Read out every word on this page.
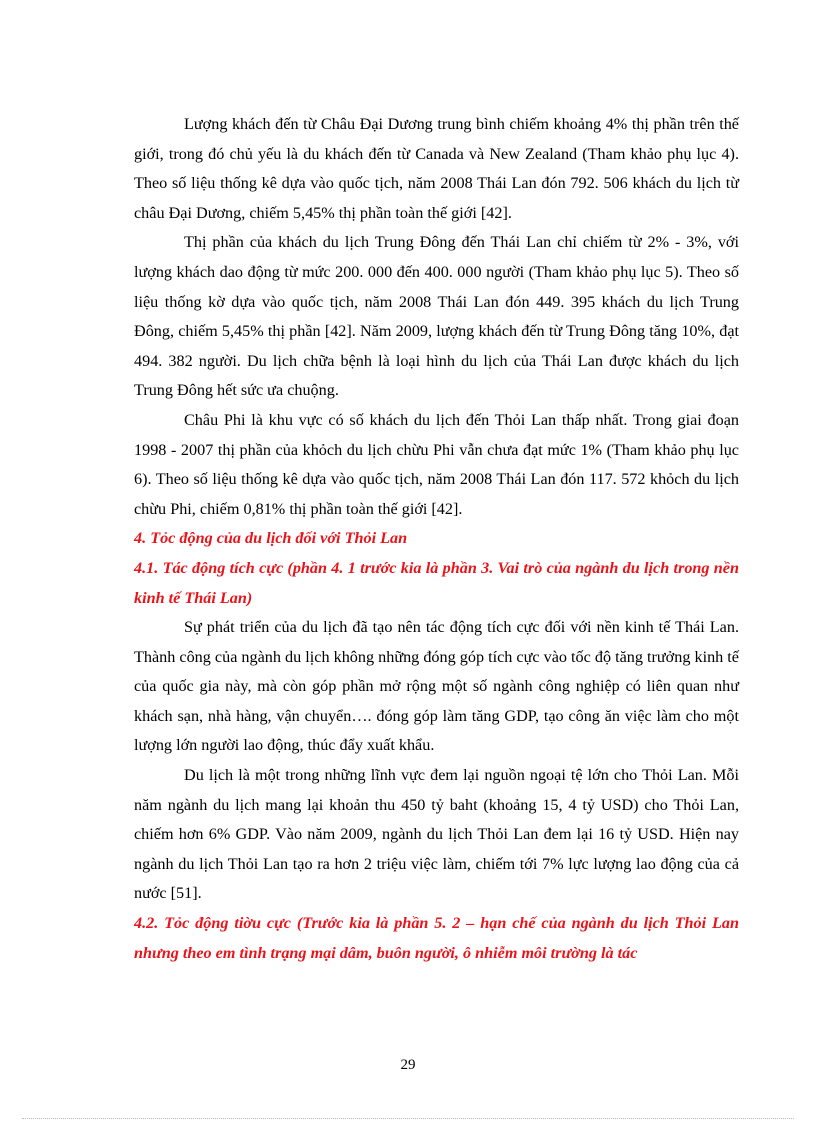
Lượng khách đến từ Châu Đại Dương trung bình chiếm khoảng 4% thị phần trên thế giới, trong đó chủ yếu là du khách đến từ Canada và New Zealand (Tham khảo phụ lục 4). Theo số liệu thống kê dựa vào quốc tịch, năm 2008 Thái Lan đón 792. 506 khách du lịch từ châu Đại Dương, chiếm 5,45% thị phần toàn thế giới [42].

Thị phần của khách du lịch Trung Đông đến Thái Lan chỉ chiếm từ 2% - 3%, với lượng khách dao động từ mức 200. 000 đến 400. 000 người (Tham khảo phụ lục 5). Theo số liệu thống kờ dựa vào quốc tịch, năm 2008 Thái Lan đón 449. 395 khách du lịch Trung Đông, chiếm 5,45% thị phần [42]. Năm 2009, lượng khách đến từ Trung Đông tăng 10%, đạt 494. 382 người. Du lịch chữa bệnh là loại hình du lịch của Thái Lan được khách du lịch Trung Đông hết sức ưa chuộng.

Châu Phi là khu vực có số khách du lịch đến Thỏi Lan thấp nhất. Trong giai đoạn 1998 - 2007 thị phần của khỏch du lịch chừu Phi vẫn chưa đạt mức 1% (Tham khảo phụ lục 6). Theo số liệu thống kê dựa vào quốc tịch, năm 2008 Thái Lan đón 117. 572 khỏch du lịch chừu Phi, chiếm 0,81% thị phần toàn thế giới [42].

4. Tỏc động của du lịch đối với Thỏi Lan

4.1. Tác động tích cực (phần 4. 1 trước kia là phần 3. Vai trò của ngành du lịch trong nền kinh tế Thái Lan)

Sự phát triển của du lịch đã tạo nên tác động tích cực đối với nền kinh tế Thái Lan. Thành công của ngành du lịch không những đóng góp tích cực vào tốc độ tăng trưởng kinh tế của quốc gia này, mà còn góp phần mở rộng một số ngành công nghiệp có liên quan như khách sạn, nhà hàng, vận chuyển…. đóng góp làm tăng GDP, tạo công ăn việc làm cho một lượng lớn người lao động, thúc đẩy xuất khẩu.

Du lịch là một trong những lĩnh vực đem lại nguồn ngoại tệ lớn cho Thỏi Lan. Mỗi năm ngành du lịch mang lại khoản thu 450 tỷ baht (khoảng 15, 4 tỷ USD) cho Thỏi Lan, chiếm hơn 6% GDP. Vào năm 2009, ngành du lịch Thỏi Lan đem lại 16 tỷ USD. Hiện nay ngành du lịch Thỏi Lan tạo ra hơn 2 triệu việc làm, chiếm tới 7% lực lượng lao động của cả nước [51].

4.2. Tỏc động tiờu cực (Trước kia là phần 5. 2 – hạn chế của ngành du lịch Thỏi Lan nhưng theo em tình trạng mại dâm, buôn người, ô nhiễm môi trường là tác

29
